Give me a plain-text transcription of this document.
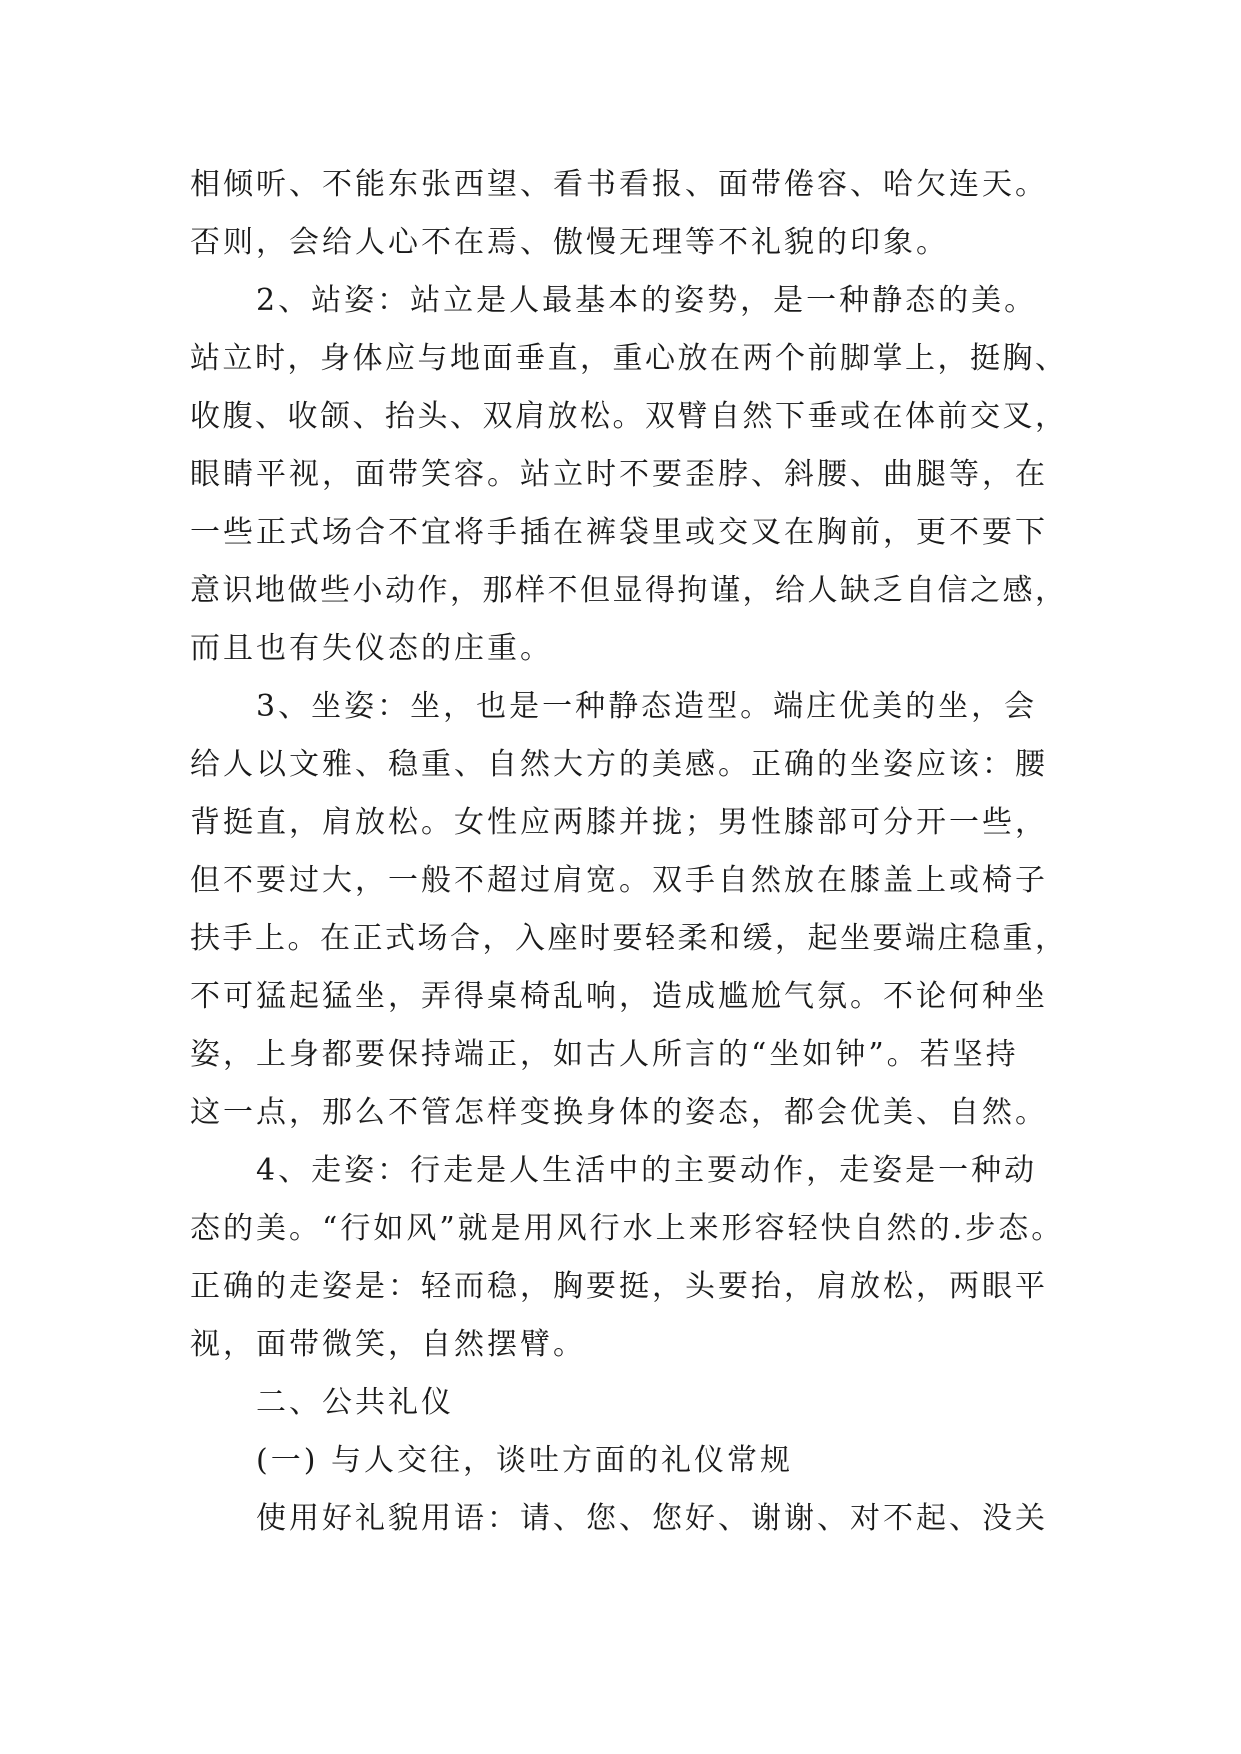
相倾听、不能东张西望、看书看报、面带倦容、哈欠连天。
否则，会给人心不在焉、傲慢无理等不礼貌的印象。
2、站姿：站立是人最基本的姿势，是一种静态的美。
站立时，身体应与地面垂直，重心放在两个前脚掌上，挺胸、
收腹、收颌、抬头、双肩放松。双臂自然下垂或在体前交叉，
眼睛平视，面带笑容。站立时不要歪脖、斜腰、曲腿等，在
一些正式场合不宜将手插在裤袋里或交叉在胸前，更不要下
意识地做些小动作，那样不但显得拘谨，给人缺乏自信之感，
而且也有失仪态的庄重。
3、坐姿：坐，也是一种静态造型。端庄优美的坐，会
给人以文雅、稳重、自然大方的美感。正确的坐姿应该：腰
背挺直，肩放松。女性应两膝并拢；男性膝部可分开一些，
但不要过大，一般不超过肩宽。双手自然放在膝盖上或椅子
扶手上。在正式场合，入座时要轻柔和缓，起坐要端庄稳重，
不可猛起猛坐，弄得桌椅乱响，造成尴尬气氛。不论何种坐
姿，上身都要保持端正，如古人所言的“坐如钟”。若坚持
这一点，那么不管怎样变换身体的姿态，都会优美、自然。
4、走姿：行走是人生活中的主要动作，走姿是一种动
态的美。“行如风”就是用风行水上来形容轻快自然的.步态。
正确的走姿是：轻而稳，胸要挺，头要抬，肩放松，两眼平
视，面带微笑，自然摆臂。
二、公共礼仪
(一) 与人交往，谈吐方面的礼仪常规
使用好礼貌用语：请、您、您好、谢谢、对不起、没关
